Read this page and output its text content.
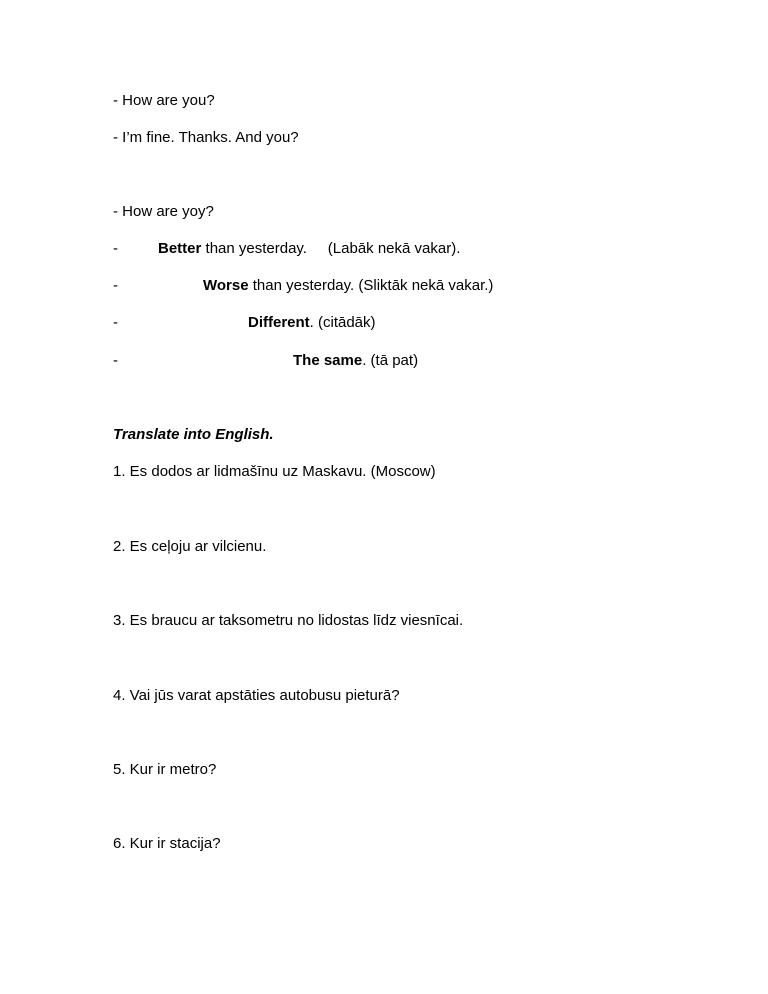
- How are you?
- I’m fine. Thanks. And you?
- How are yoy?
-	Better than yesterday.     (Labāk nekā vakar).
-	Worse than yesterday. (Sliktāk nekā vakar.)
-	Different. (citādāk)
-	The same. (tā pat)
Translate into English.
1. Es dodos ar lidmašīnu uz Maskavu. (Moscow)
2. Es ceļoju ar vilcienu.
3. Es braucu ar taksometru no lidostas līdz viesnīcai.
4. Vai jūs varat apstāties autobusu pieturā?
5. Kur ir metro?
6. Kur ir stacija?
